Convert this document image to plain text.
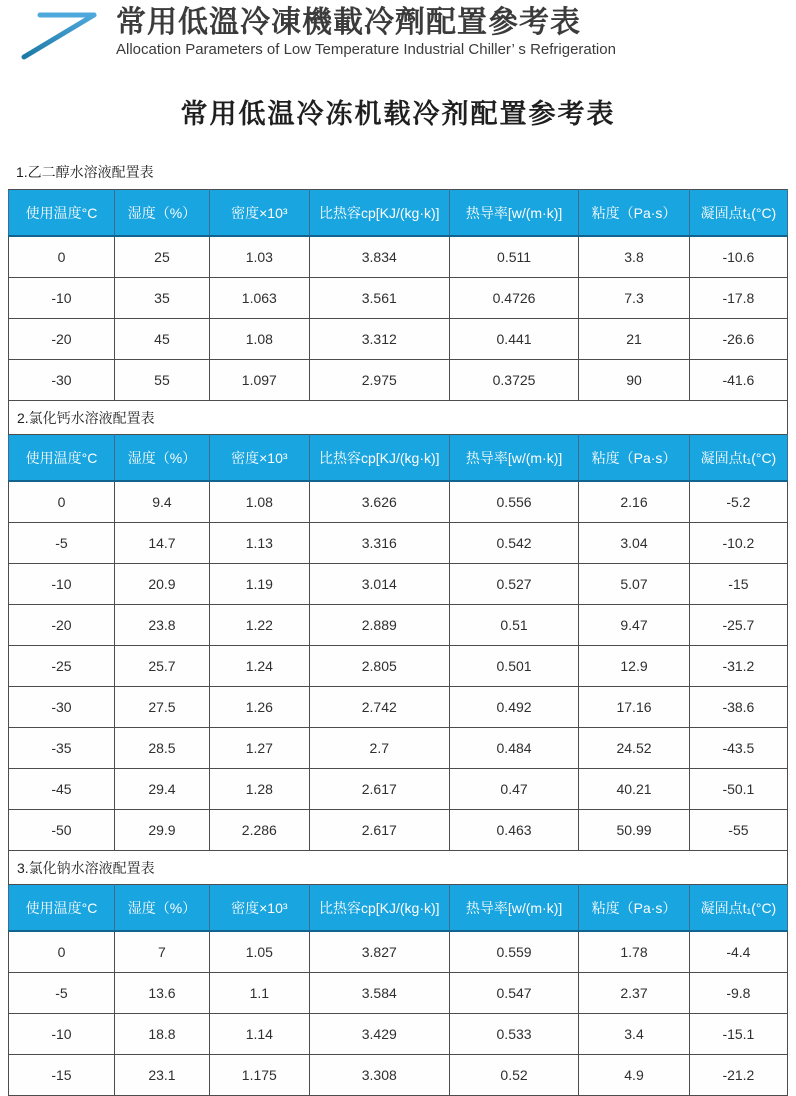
常用低溫冷凍機載冷劑配置參考表
Allocation Parameters of Low Temperature Industrial Chiller’ s Refrigeration
常用低温冷冻机载冷剂配置参考表
1.乙二醇水溶液配置表
使用温度°C	湿度（%）	密度×10³	比热容cp[KJ/(kg·k)]	热导率[w/(m·k)]	粘度（Pa·s）	凝固点t₁(°C)
0	25	1.03	3.834	0.511	3.8	-10.6
-10	35	1.063	3.561	0.4726	7.3	-17.8
-20	45	1.08	3.312	0.441	21	-26.6
-30	55	1.097	2.975	0.3725	90	-41.6
2.氯化钙水溶液配置表
使用温度°C	湿度（%）	密度×10³	比热容cp[KJ/(kg·k)]	热导率[w/(m·k)]	粘度（Pa·s）	凝固点t₁(°C)
0	9.4	1.08	3.626	0.556	2.16	-5.2
-5	14.7	1.13	3.316	0.542	3.04	-10.2
-10	20.9	1.19	3.014	0.527	5.07	-15
-20	23.8	1.22	2.889	0.51	9.47	-25.7
-25	25.7	1.24	2.805	0.501	12.9	-31.2
-30	27.5	1.26	2.742	0.492	17.16	-38.6
-35	28.5	1.27	2.7	0.484	24.52	-43.5
-45	29.4	1.28	2.617	0.47	40.21	-50.1
-50	29.9	2.286	2.617	0.463	50.99	-55
3.氯化钠水溶液配置表
使用温度°C	湿度（%）	密度×10³	比热容cp[KJ/(kg·k)]	热导率[w/(m·k)]	粘度（Pa·s）	凝固点t₁(°C)
0	7	1.05	3.827	0.559	1.78	-4.4
-5	13.6	1.1	3.584	0.547	2.37	-9.8
-10	18.8	1.14	3.429	0.533	3.4	-15.1
-15	23.1	1.175	3.308	0.52	4.9	-21.2
